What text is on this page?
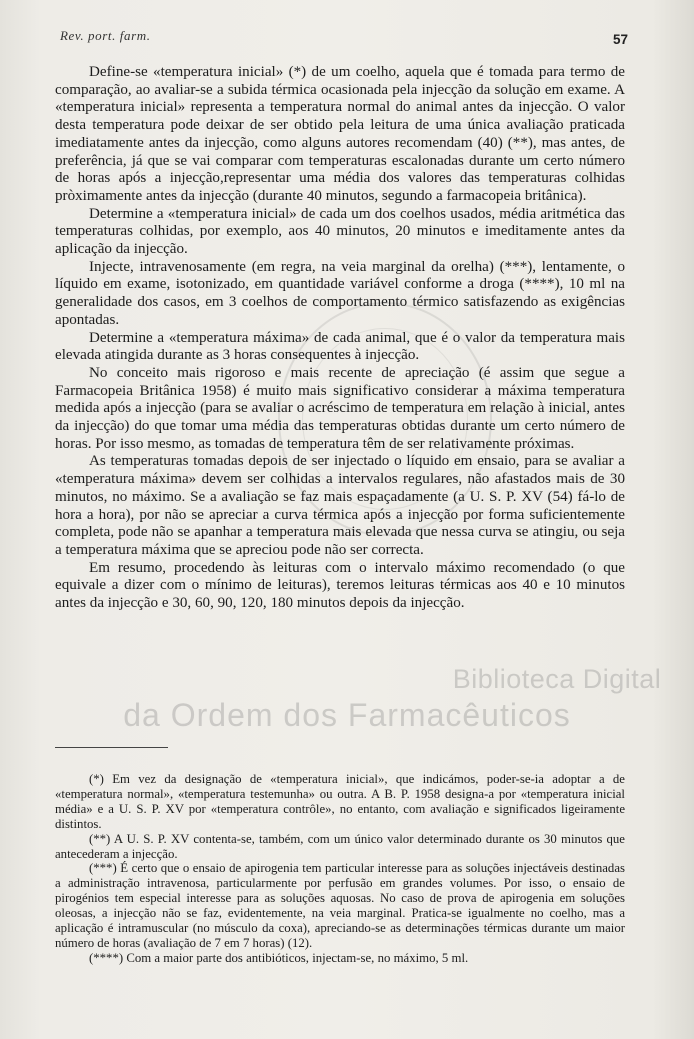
Rev. port. farm.	57

Define-se «temperatura inicial» (*) de um coelho, aquela que é tomada para termo de comparação, ao avaliar-se a subida térmica ocasionada pela injecção da solução em exame. A «temperatura inicial» representa a temperatura normal do animal antes da injecção. O valor desta temperatura pode deixar de ser obtido pela leitura de uma única avaliação praticada imediatamente antes da injecção, como alguns autores recomendam (40) (**), mas antes, de preferência, já que se vai comparar com temperaturas escalonadas durante um certo número de horas após a injecção,representar uma média dos valores das temperaturas colhidas pròximamente antes da injecção (durante 40 minutos, segundo a farmacopeia britânica).

Determine a «temperatura inicial» de cada um dos coelhos usados, média aritmética das temperaturas colhidas, por exemplo, aos 40 minutos, 20 minutos e imeditamente antes da aplicação da injecção.

Injecte, intravenosamente (em regra, na veia marginal da orelha) (***), lentamente, o líquido em exame, isotonizado, em quantidade variável conforme a droga (****), 10 ml na generalidade dos casos, em 3 coelhos de comportamento térmico satisfazendo as exigências apontadas.

Determine a «temperatura máxima» de cada animal, que é o valor da temperatura mais elevada atingida durante as 3 horas consequentes à injecção.

No conceito mais rigoroso e mais recente de apreciação (é assim que segue a Farmacopeia Britânica 1958) é muito mais significativo considerar a máxima temperatura medida após a injecção (para se avaliar o acréscimo de temperatura em relação à inicial, antes da injecção) do que tomar uma média das temperaturas obtidas durante um certo número de horas. Por isso mesmo, as tomadas de temperatura têm de ser relativamente próximas.

As temperaturas tomadas depois de ser injectado o líquido em ensaio, para se avaliar a «temperatura máxima» devem ser colhidas a intervalos regulares, não afastados mais de 30 minutos, no máximo. Se a avaliação se faz mais espaçadamente (a U. S. P. XV (54) fá-lo de hora a hora), por não se apreciar a curva térmica após a injecção por forma suficientemente completa, pode não se apanhar a temperatura mais elevada que nessa curva se atingiu, ou seja a temperatura máxima que se apreciou pode não ser correcta.

Em resumo, procedendo às leituras com o intervalo máximo recomendado (o que equivale a dizer com o mínimo de leituras), teremos leituras térmicas aos 40 e 10 minutos antes da injecção e 30, 60, 90, 120, 180 minutos depois da injecção.

Biblioteca Digital
da Ordem dos Farmacêuticos

(*) Em vez da designação de «temperatura inicial», que indicámos, poder-se-ia adoptar a de «temperatura normal», «temperatura testemunha» ou outra. A B. P. 1958 designa-a por «temperatura inicial média» e a U. S. P. XV por «temperatura contrôle», no entanto, com avaliação e significados ligeiramente distintos.

(**) A U. S. P. XV contenta-se, também, com um único valor determinado durante os 30 minutos que antecederam a injecção.

(***) É certo que o ensaio de apirogenia tem particular interesse para as soluções injectáveis destinadas a administração intravenosa, particularmente por perfusão em grandes volumes. Por isso, o ensaio de pirogénios tem especial interesse para as soluções aquosas. No caso de prova de apirogenia em soluções oleosas, a injecção não se faz, evidentemente, na veia marginal. Pratica-se igualmente no coelho, mas a aplicação é intramuscular (no músculo da coxa), apreciando-se as determinações térmicas durante um maior número de horas (avaliação de 7 em 7 horas) (12).

(****) Com a maior parte dos antibióticos, injectam-se, no máximo, 5 ml.
